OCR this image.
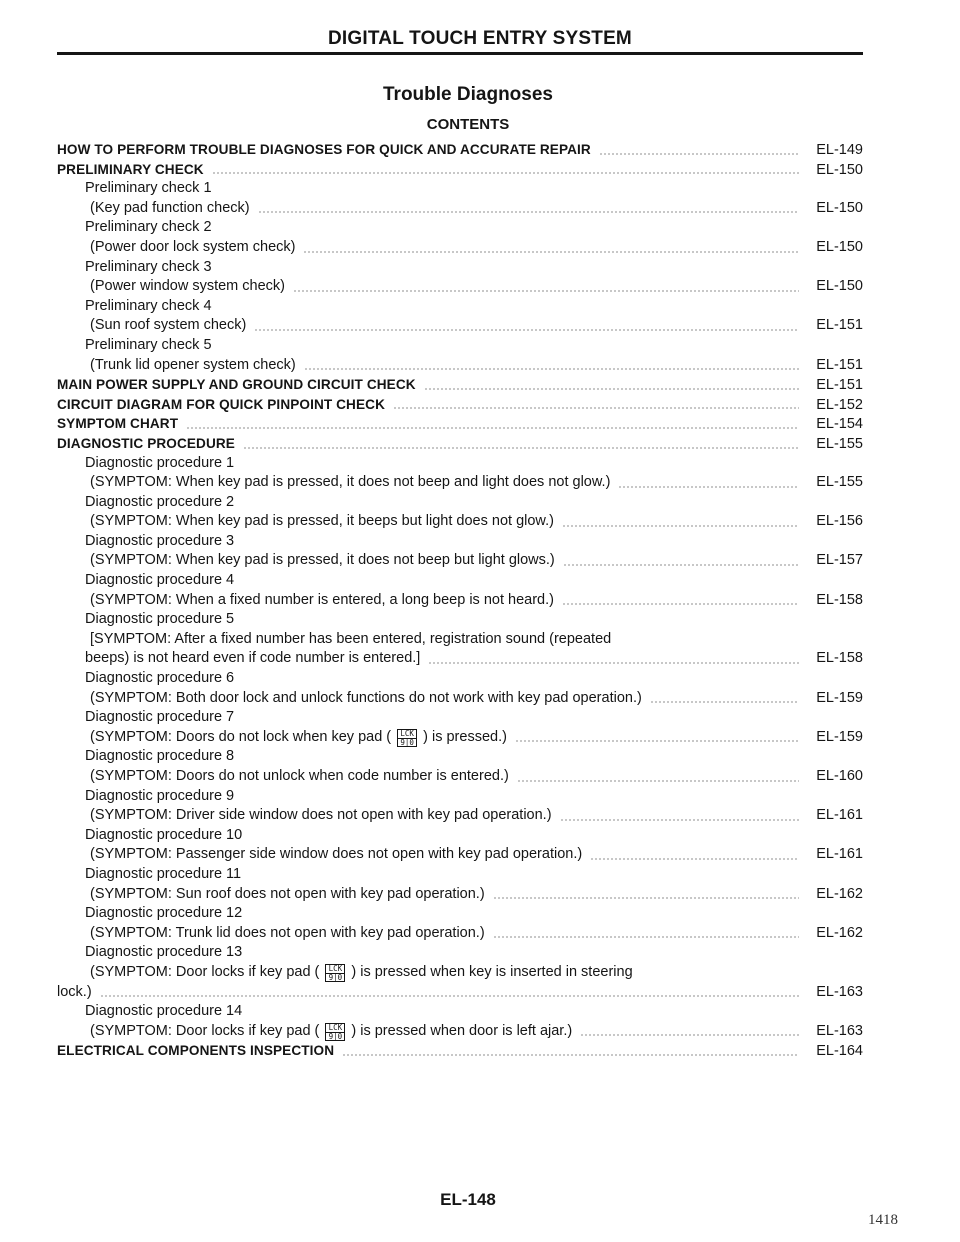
DIGITAL TOUCH ENTRY SYSTEM
Trouble Diagnoses
CONTENTS
HOW TO PERFORM TROUBLE DIAGNOSES FOR QUICK AND ACCURATE REPAIR	EL-149
PRELIMINARY CHECK	EL-150
Preliminary check 1
(Key pad function check)	EL-150
Preliminary check 2
(Power door lock system check)	EL-150
Preliminary check 3
(Power window system check)	EL-150
Preliminary check 4
(Sun roof system check)	EL-151
Preliminary check 5
(Trunk lid opener system check)	EL-151
MAIN POWER SUPPLY AND GROUND CIRCUIT CHECK	EL-151
CIRCUIT DIAGRAM FOR QUICK PINPOINT CHECK	EL-152
SYMPTOM CHART	EL-154
DIAGNOSTIC PROCEDURE	EL-155
Diagnostic procedure 1
(SYMPTOM: When key pad is pressed, it does not beep and light does not glow.)	EL-155
Diagnostic procedure 2
(SYMPTOM: When key pad is pressed, it beeps but light does not glow.)	EL-156
Diagnostic procedure 3
(SYMPTOM: When key pad is pressed, it does not beep but light glows.)	EL-157
Diagnostic procedure 4
(SYMPTOM: When a fixed number is entered, a long beep is not heard.)	EL-158
Diagnostic procedure 5
[SYMPTOM: After a fixed number has been entered, registration sound (repeated
beeps) is not heard even if code number is entered.]	EL-158
Diagnostic procedure 6
(SYMPTOM: Both door lock and unlock functions do not work with key pad operation.)	EL-159
Diagnostic procedure 7
(SYMPTOM: Doors do not lock when key pad ( LCK
9|0 ) is pressed.)	EL-159
Diagnostic procedure 8
(SYMPTOM: Doors do not unlock when code number is entered.)	EL-160
Diagnostic procedure 9
(SYMPTOM: Driver side window does not open with key pad operation.)	EL-161
Diagnostic procedure 10
(SYMPTOM: Passenger side window does not open with key pad operation.)	EL-161
Diagnostic procedure 11
(SYMPTOM: Sun roof does not open with key pad operation.)	EL-162
Diagnostic procedure 12
(SYMPTOM: Trunk lid does not open with key pad operation.)	EL-162
Diagnostic procedure 13
(SYMPTOM: Door locks if key pad ( LCK
9|0 ) is pressed when key is inserted in steering
lock.)	EL-163
Diagnostic procedure 14
(SYMPTOM: Door locks if key pad ( LCK
9|0 ) is pressed when door is left ajar.)	EL-163
ELECTRICAL COMPONENTS INSPECTION	EL-164
EL-148
1418
